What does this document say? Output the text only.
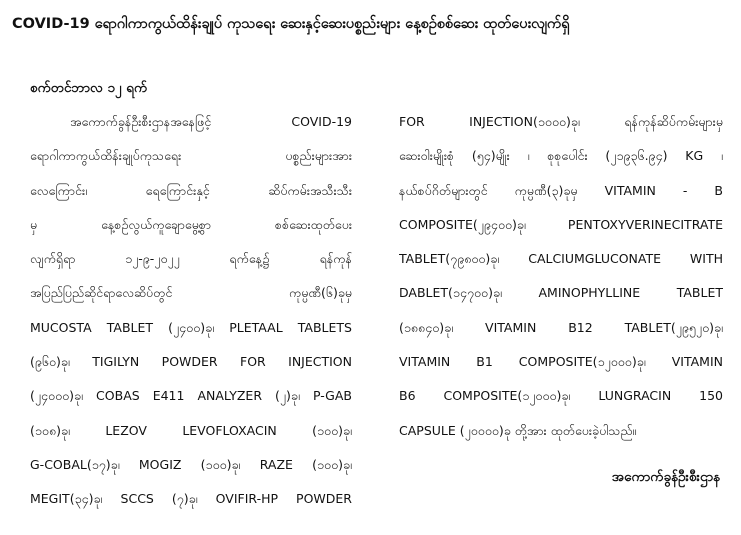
COVID-19 ရောဂါကာကွယ်ထိန်းချုပ် ကုသရေး ဆေးနှင့်ဆေးပစ္စည်းများ နေ့စဉ်စစ်ဆေး ထုတ်ပေးလျက်ရှိ
စက်တင်ဘာလ ၁၂ ရက်
အကောက်ခွန်ဦးစီးဌာနအနေဖြင့် COVID-19
ရောဂါကာကွယ်ထိန်းချုပ်ကုသရေး ပစ္စည်းများအား
လေကြောင်း၊ ရေကြောင်းနှင့် ဆိပ်ကမ်းအသီးသီး
မှ နေ့စဉ်လွယ်ကူချောမွေ့စွာ စစ်ဆေးထုတ်ပေး
လျက်ရှိရာ ၁၂-၉-၂၀၂၂ ရက်နေ့၌ ရန်ကုန်
အပြည်ပြည်ဆိုင်ရာလေဆိပ်တွင် ကုမ္ပဏီ(၆)ခုမှ
MUCOSTA TABLET (၂၄၀၀)ခု၊ PLETAAL TABLETS
(၉၆၀)ခု၊ TIGILYN POWDER FOR INJECTION
(၂၄၀၀၀)ခု၊ COBAS E411 ANALYZER (၂)ခု၊ P-GAB
(၁၀၈)ခု၊ LEZOV LEVOFLOXACIN (၁၀၀)ခု၊
G-COBAL(၁၇)ခု၊ MOGIZ (၁၀၀)ခု၊ RAZE (၁၀၀)ခု၊
MEGIT(၃၄)ခု၊ SCCS (၇)ခု၊ OVIFIR-HP POWDER
FOR INJECTION(၁၀၀၀)ခု၊ ရန်ကုန်ဆိပ်ကမ်းများမှ
ဆေးဝါးမျိုးစုံ (၅၄)မျိုး ၊ စုစုပေါင်း (၂၁၉၃၆.၉၄) KG ၊
နယ်စပ်ဂိတ်များတွင် ကုမ္ပဏီ(၃)ခုမှ VITAMIN - B
COMPOSITE(၂၉၄၀၀)ခု၊ PENTOXYVERINECITRATE
TABLET(၇၉၈၀၀)ခု၊ CALCIUMGLUCONATE WITH
DABLET(၁၄၇၀၀)ခု၊ AMINOPHYLLINE TABLET
(၁၈၈၄၀)ခု၊ VITAMIN B12 TABLET(၂၉၅၂၀)ခု၊
VITAMIN B1 COMPOSITE(၁၂၀၀၀)ခု၊ VITAMIN
B6 COMPOSITE(၁၂၀၀၀)ခု၊ LUNGRACIN 150
CAPSULE (၂၀၀၀၀)ခု တို့အား ထုတ်ပေးခဲ့ပါသည်။
အကောက်ခွန်ဦးစီးဌာန
